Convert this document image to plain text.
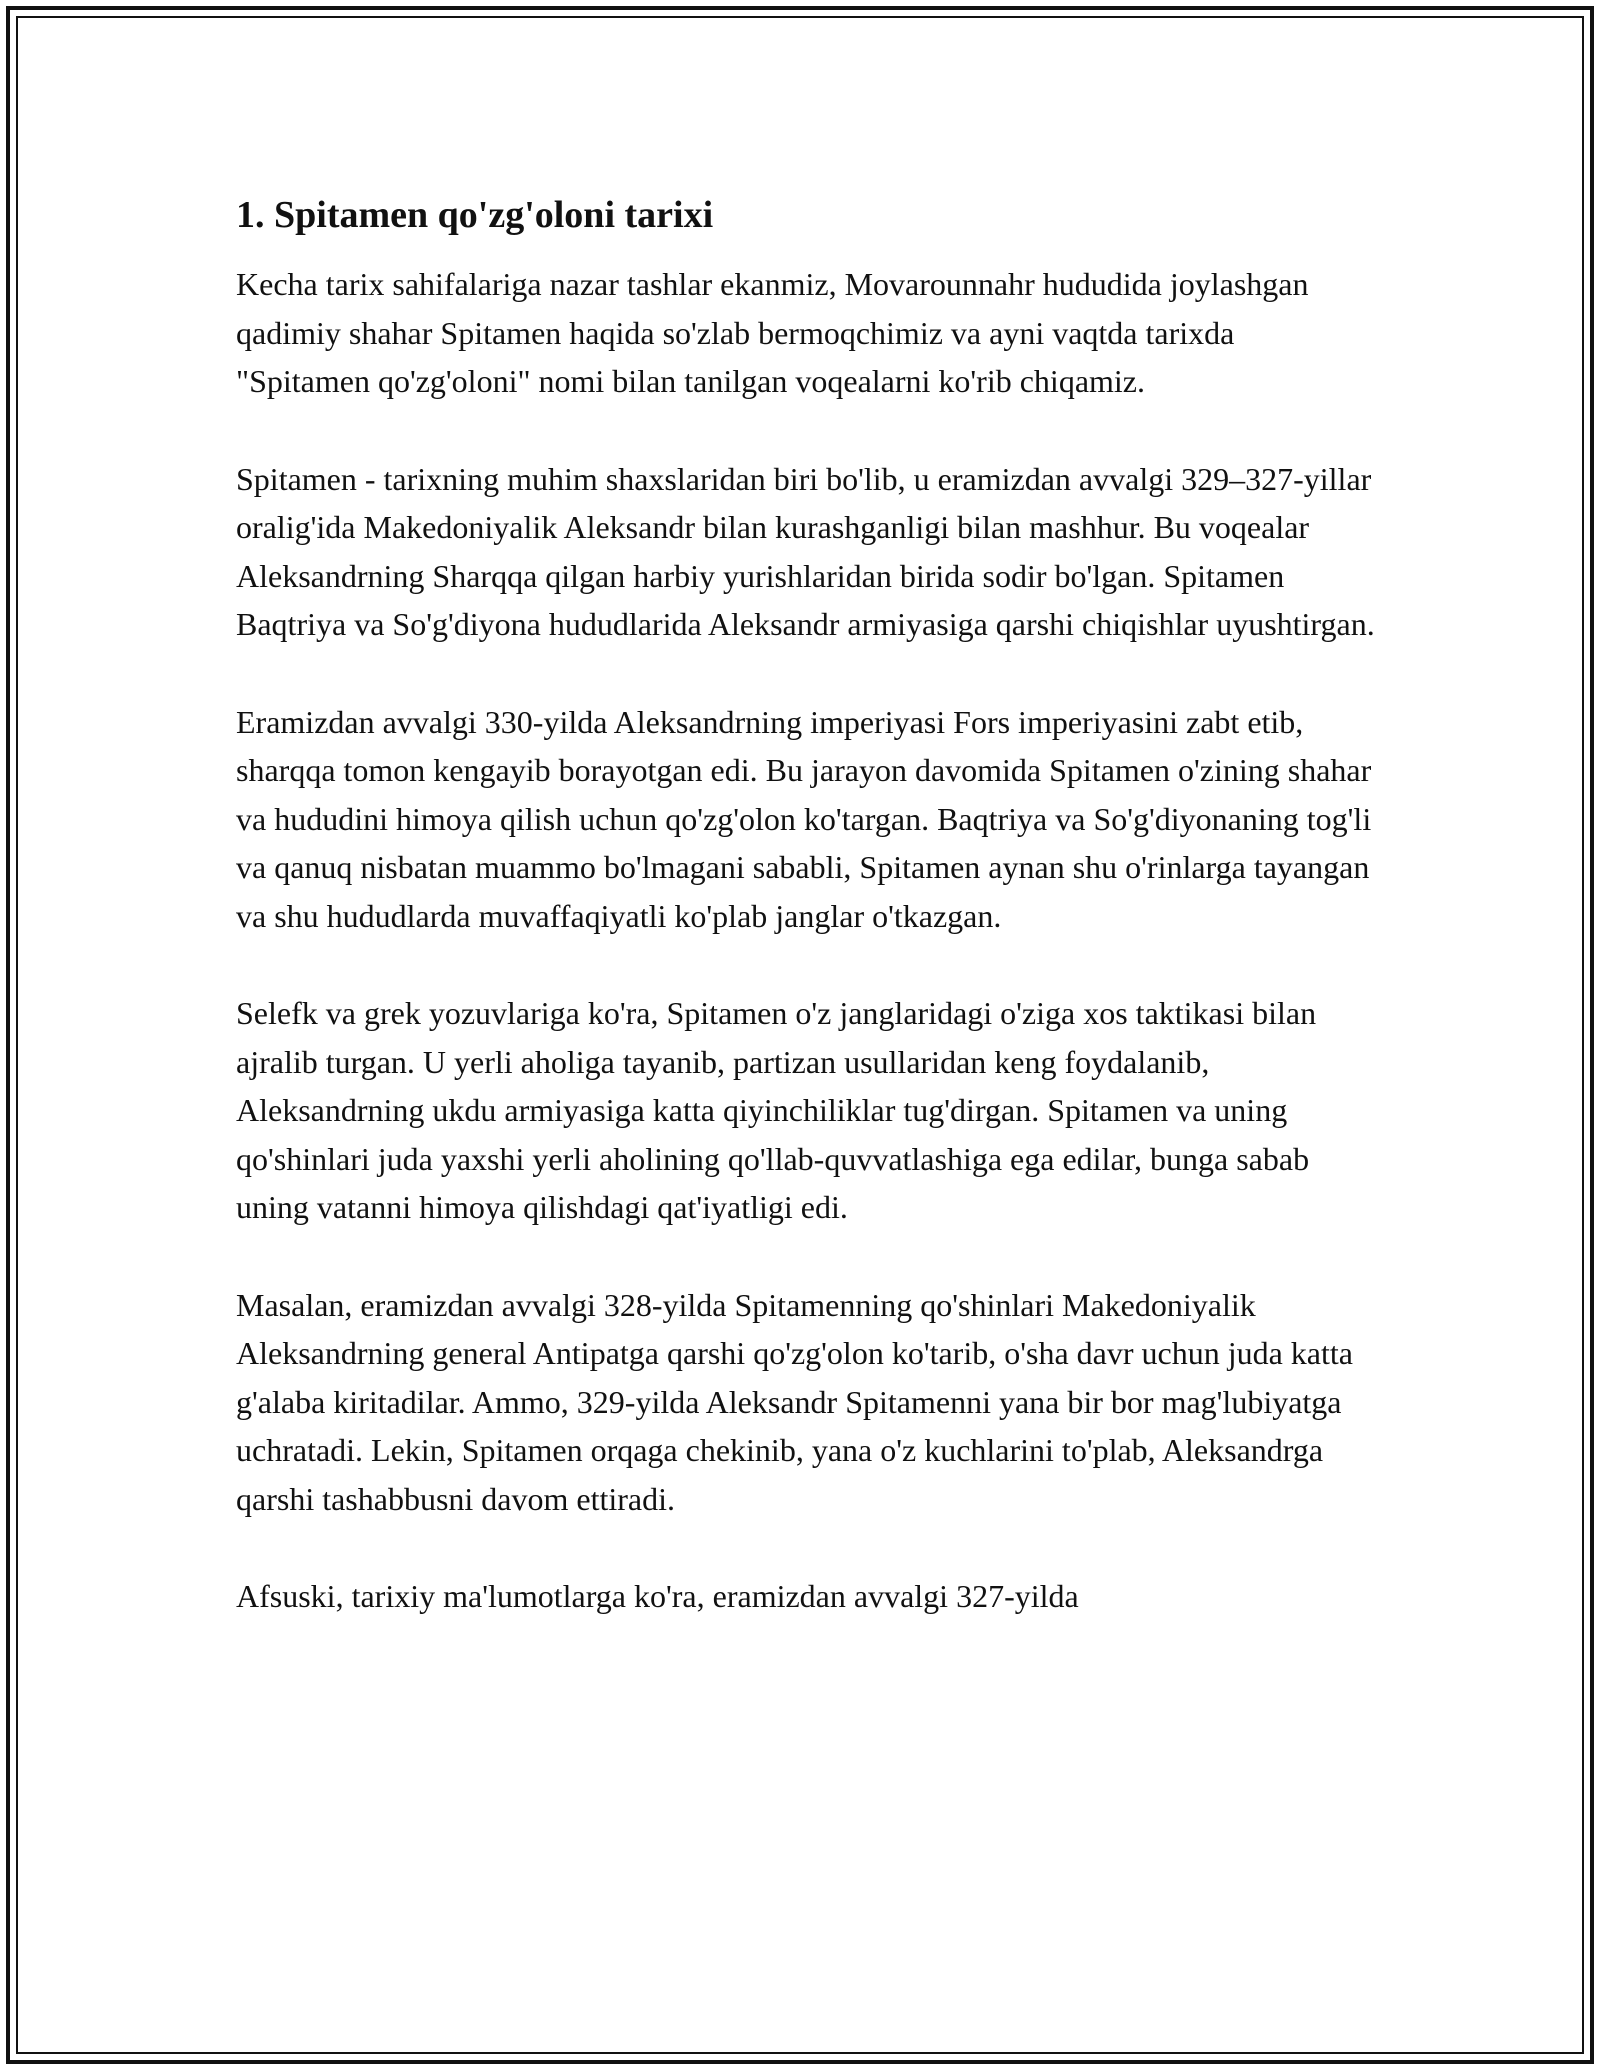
1. Spitamen qo'zg'oloni tarixi

Kecha tarix sahifalariga nazar tashlar ekanmiz, Movarounnahr hududida joylashgan qadimiy shahar Spitamen haqida so'zlab bermoqchimiz va ayni vaqtda tarixda "Spitamen qo'zg'oloni" nomi bilan tanilgan voqealarni ko'rib chiqamiz.

Spitamen - tarixning muhim shaxslaridan biri bo'lib, u eramizdan avvalgi 329–327-yillar oralig'ida Makedoniyalik Aleksandr bilan kurashganligi bilan mashhur. Bu voqealar Aleksandrning Sharqqa qilgan harbiy yurishlaridan birida sodir bo'lgan. Spitamen Baqtriya va So'g'diyona hududlarida Aleksandr armiyasiga qarshi chiqishlar uyushtirgan.

Eramizdan avvalgi 330-yilda Aleksandrning imperiyasi Fors imperiyasini zabt etib, sharqqa tomon kengayib borayotgan edi. Bu jarayon davomida Spitamen o'zining shahar va hududini himoya qilish uchun qo'zg'olon ko'targan. Baqtriya va So'g'diyonaning tog'li va qanuq nisbatan muammo bo'lmagani sababli, Spitamen aynan shu o'rinlarga tayangan va shu hududlarda muvaffaqiyatli ko'plab janglar o'tkazgan.

Selefk va grek yozuvlariga ko'ra, Spitamen o'z janglaridagi o'ziga xos taktikasi bilan ajralib turgan. U yerli aholiga tayanib, partizan usullaridan keng foydalanib, Aleksandrning ukdu armiyasiga katta qiyinchiliklar tug'dirgan. Spitamen va uning qo'shinlari juda yaxshi yerli aholining qo'llab-quvvatlashiga ega edilar, bunga sabab uning vatanni himoya qilishdagi qat'iyatligi edi.

Masalan, eramizdan avvalgi 328-yilda Spitamenning qo'shinlari Makedoniyalik Aleksandrning general Antipatga qarshi qo'zg'olon ko'tarib, o'sha davr uchun juda katta g'alaba kiritadilar. Ammo, 329-yilda Aleksandr Spitamenni yana bir bor mag'lubiyatga uchratadi. Lekin, Spitamen orqaga chekinib, yana o'z kuchlarini to'plab, Aleksandrga qarshi tashabbusni davom ettiradi.

Afsuski, tarixiy ma'lumotlarga ko'ra, eramizdan avvalgi 327-yilda
